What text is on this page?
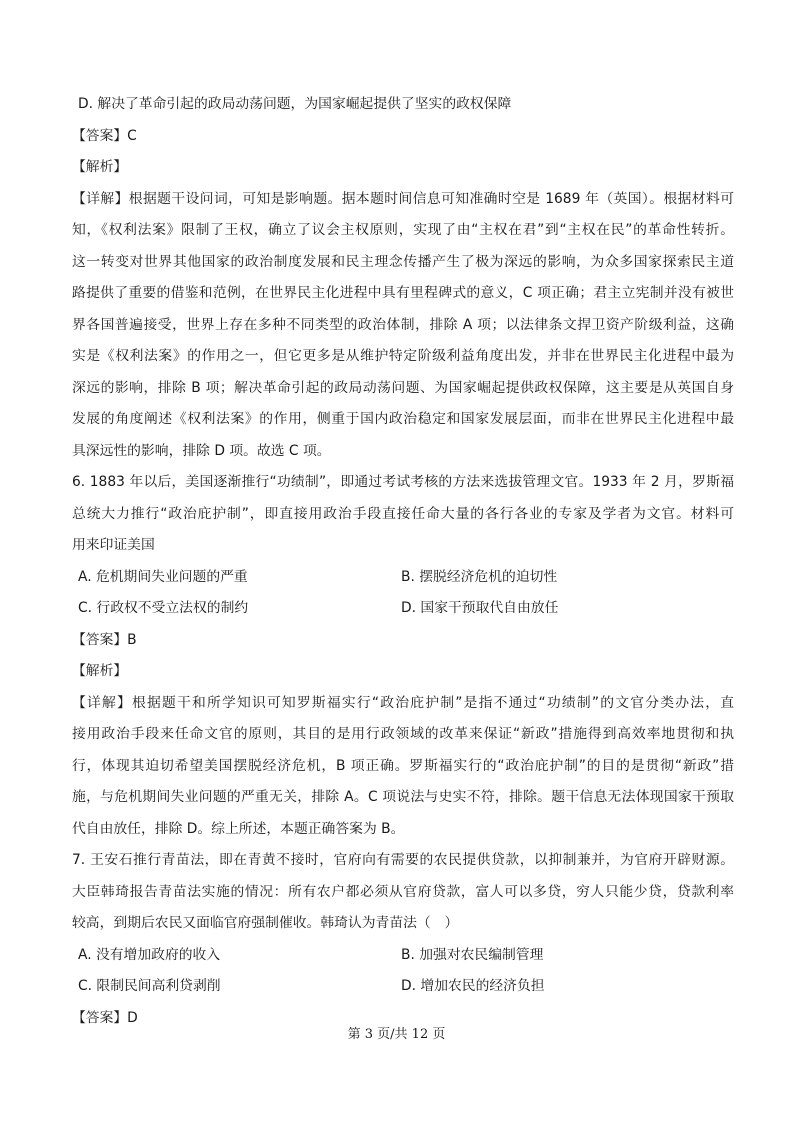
D. 解决了革命引起的政局动荡问题，为国家崛起提供了坚实的政权保障
【答案】C
【解析】
【详解】根据题干设问词，可知是影响题。据本题时间信息可知准确时空是 1689 年（英国）。根据材料可
知，《权利法案》限制了王权，确立了议会主权原则，实现了由“主权在君”到“主权在民”的革命性转折。
这一转变对世界其他国家的政治制度发展和民主理念传播产生了极为深远的影响，为众多国家探索民主道
路提供了重要的借鉴和范例，在世界民主化进程中具有里程碑式的意义，C 项正确；君主立宪制并没有被世
界各国普遍接受，世界上存在多种不同类型的政治体制，排除 A 项；以法律条文捍卫资产阶级利益，这确
实是《权利法案》的作用之一，但它更多是从维护特定阶级利益角度出发，并非在世界民主化进程中最为
深远的影响，排除 B 项；解决革命引起的政局动荡问题、为国家崛起提供政权保障，这主要是从英国自身
发展的角度阐述《权利法案》的作用，侧重于国内政治稳定和国家发展层面，而非在世界民主化进程中最
具深远性的影响，排除 D 项。故选 C 项。
6. 1883 年以后，美国逐渐推行“功绩制”，即通过考试考核的方法来选拔管理文官。1933 年 2 月，罗斯福
总统大力推行“政治庇护制”，即直接用政治手段直接任命大量的各行各业的专家及学者为文官。材料可
用来印证美国
A. 危机期间失业问题的严重	B. 摆脱经济危机的迫切性
C. 行政权不受立法权的制约	D. 国家干预取代自由放任
【答案】B
【解析】
【详解】根据题干和所学知识可知罗斯福实行“政治庇护制”是指不通过“功绩制”的文官分类办法，直
接用政治手段来任命文官的原则，其目的是用行政领域的改革来保证“新政”措施得到高效率地贯彻和执
行，体现其迫切希望美国摆脱经济危机，B 项正确。罗斯福实行的“政治庇护制”的目的是贯彻“新政”措
施，与危机期间失业问题的严重无关，排除 A。C 项说法与史实不符，排除。题干信息无法体现国家干预取
代自由放任，排除 D。综上所述，本题正确答案为 B。
7. 王安石推行青苗法，即在青黄不接时，官府向有需要的农民提供贷款，以抑制兼并，为官府开辟财源。
大臣韩琦报告青苗法实施的情况：所有农户都必须从官府贷款，富人可以多贷，穷人只能少贷，贷款利率
较高，到期后农民又面临官府强制催收。韩琦认为青苗法（　）
A. 没有增加政府的收入	B. 加强对农民编制管理
C. 限制民间高利贷剥削	D. 增加农民的经济负担
【答案】D
第 3 页/共 12 页
